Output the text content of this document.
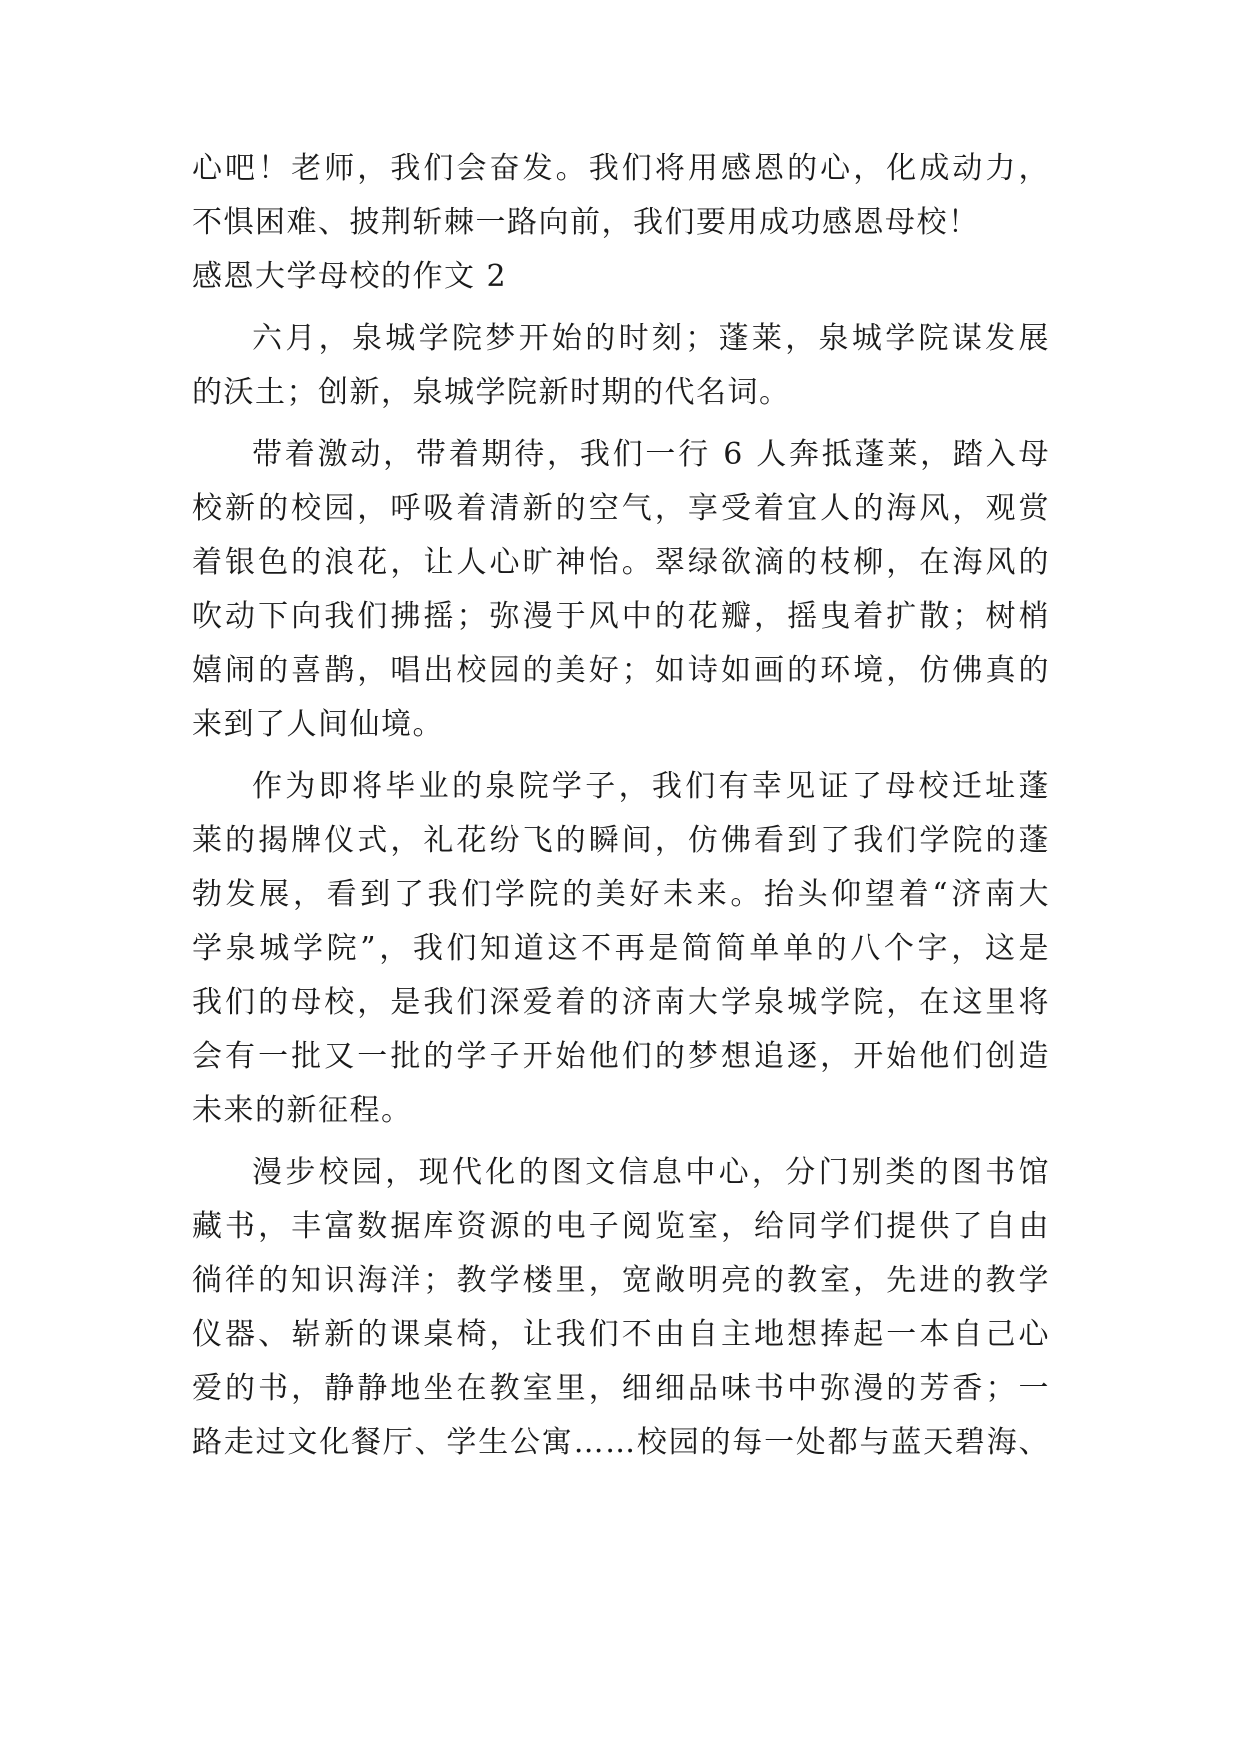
心吧！老师，我们会奋发。我们将用感恩的心，化成动力，
不惧困难、披荆斩棘一路向前，我们要用成功感恩母校！
感恩大学母校的作文 2
六月，泉城学院梦开始的时刻；蓬莱，泉城学院谋发展
的沃土；创新，泉城学院新时期的代名词。
带着激动，带着期待，我们一行 6 人奔抵蓬莱，踏入母
校新的校园，呼吸着清新的空气，享受着宜人的海风，观赏
着银色的浪花，让人心旷神怡。翠绿欲滴的枝柳，在海风的
吹动下向我们拂摇；弥漫于风中的花瓣，摇曳着扩散；树梢
嬉闹的喜鹊，唱出校园的美好；如诗如画的环境，仿佛真的
来到了人间仙境。
作为即将毕业的泉院学子，我们有幸见证了母校迁址蓬
莱的揭牌仪式，礼花纷飞的瞬间，仿佛看到了我们学院的蓬
勃发展，看到了我们学院的美好未来。抬头仰望着“济南大
学泉城学院”，我们知道这不再是简简单单的八个字，这是
我们的母校，是我们深爱着的济南大学泉城学院，在这里将
会有一批又一批的学子开始他们的梦想追逐，开始他们创造
未来的新征程。
漫步校园，现代化的图文信息中心，分门别类的图书馆
藏书，丰富数据库资源的电子阅览室，给同学们提供了自由
徜徉的知识海洋；教学楼里，宽敞明亮的教室，先进的教学
仪器、崭新的课桌椅，让我们不由自主地想捧起一本自己心
爱的书，静静地坐在教室里，细细品味书中弥漫的芳香；一
路走过文化餐厅、学生公寓……校园的每一处都与蓝天碧海、
